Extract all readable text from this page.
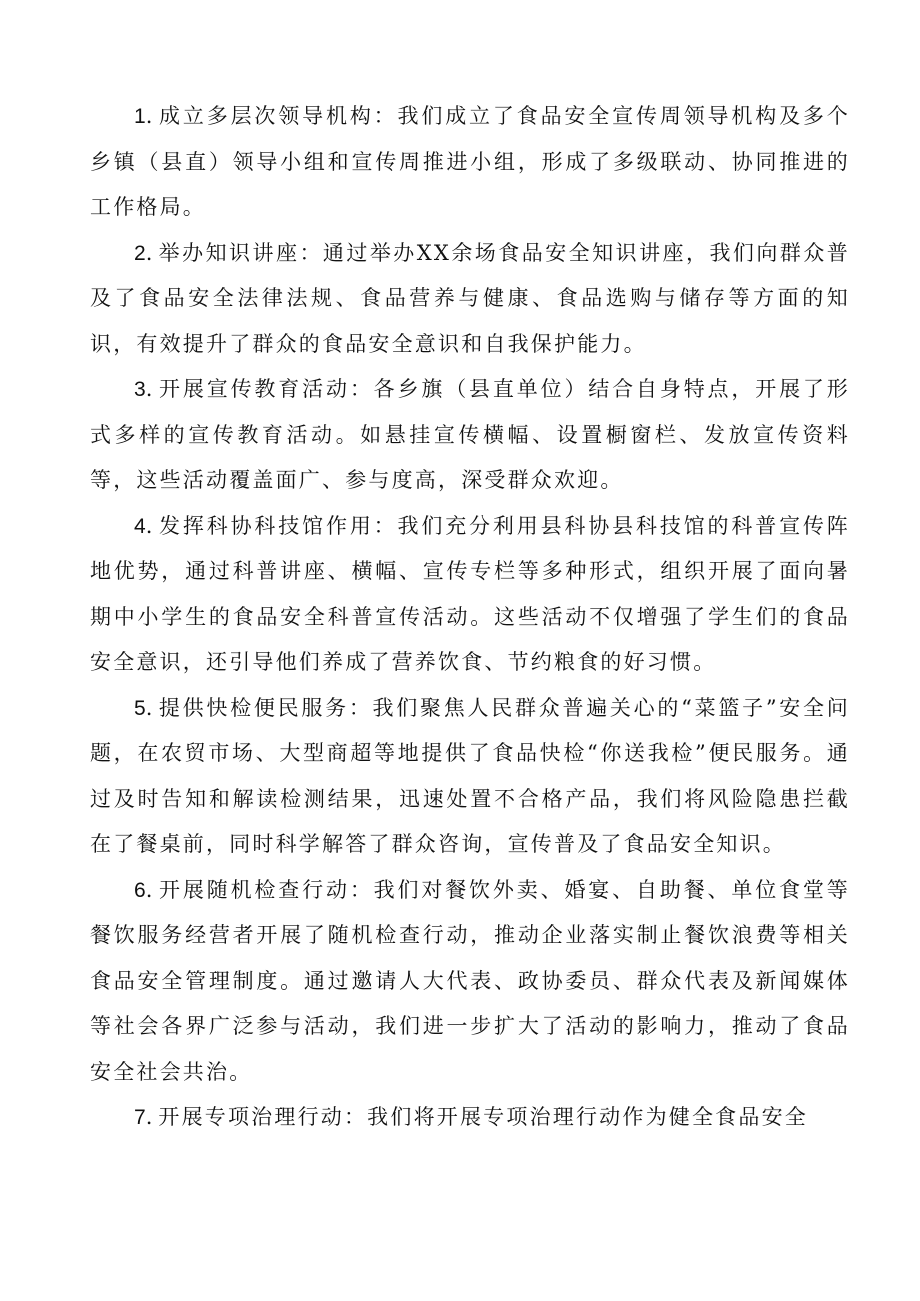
1.成立多层次领导机构：我们成立了食品安全宣传周领导机构及多个乡镇（县直）领导小组和宣传周推进小组，形成了多级联动、协同推进的工作格局。

2.举办知识讲座：通过举办XX余场食品安全知识讲座，我们向群众普及了食品安全法律法规、食品营养与健康、食品选购与储存等方面的知识，有效提升了群众的食品安全意识和自我保护能力。

3.开展宣传教育活动：各乡旗（县直单位）结合自身特点，开展了形式多样的宣传教育活动。如悬挂宣传横幅、设置橱窗栏、发放宣传资料等，这些活动覆盖面广、参与度高，深受群众欢迎。

4.发挥科协科技馆作用：我们充分利用县科协县科技馆的科普宣传阵地优势，通过科普讲座、横幅、宣传专栏等多种形式，组织开展了面向暑期中小学生的食品安全科普宣传活动。这些活动不仅增强了学生们的食品安全意识，还引导他们养成了营养饮食、节约粮食的好习惯。

5.提供快检便民服务：我们聚焦人民群众普遍关心的“菜篮子”安全问题，在农贸市场、大型商超等地提供了食品快检“你送我检”便民服务。通过及时告知和解读检测结果，迅速处置不合格产品，我们将风险隐患拦截在了餐桌前，同时科学解答了群众咨询，宣传普及了食品安全知识。

6.开展随机检查行动：我们对餐饮外卖、婚宴、自助餐、单位食堂等餐饮服务经营者开展了随机检查行动，推动企业落实制止餐饮浪费等相关食品安全管理制度。通过邀请人大代表、政协委员、群众代表及新闻媒体等社会各界广泛参与活动，我们进一步扩大了活动的影响力，推动了食品安全社会共治。

7.开展专项治理行动：我们将开展专项治理行动作为健全食品安全
